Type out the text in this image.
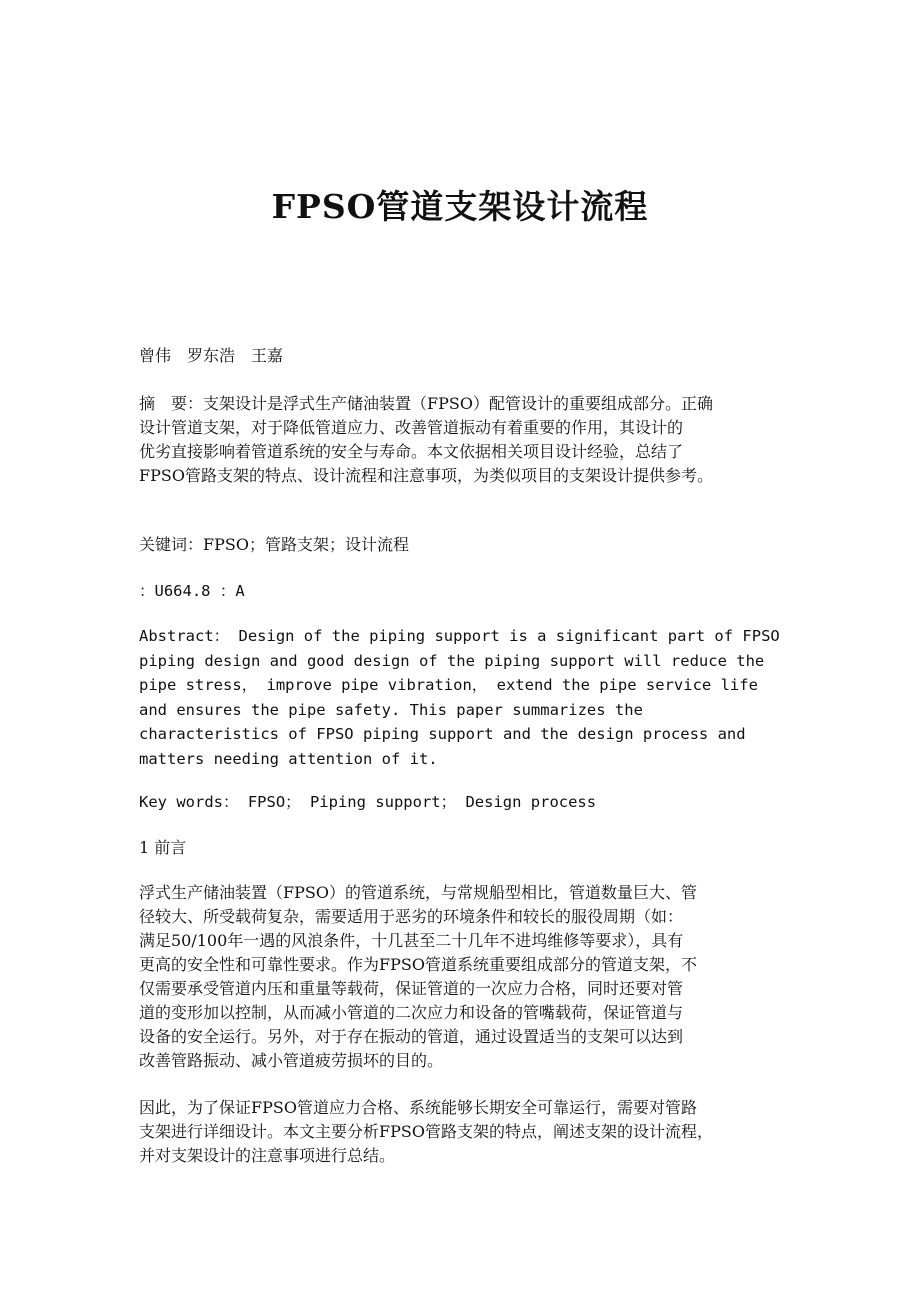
FPSO管道支架设计流程
曾伟　罗东浩　王嘉
摘　要：支架设计是浮式生产储油装置（FPSO）配管设计的重要组成部分。正确
设计管道支架，对于降低管道应力、改善管道振动有着重要的作用，其设计的
优劣直接影响着管道系统的安全与寿命。本文依据相关项目设计经验，总结了
FPSO管路支架的特点、设计流程和注意事项，为类似项目的支架设计提供参考。
关键词：FPSO；管路支架；设计流程
：U664.8 ：A
Abstract： Design of the piping support is a significant part of FPSO
piping design and good design of the piping support will reduce the
pipe stress， improve pipe vibration， extend the pipe service life
and ensures the pipe safety. This paper summarizes the
characteristics of FPSO piping support and the design process and
matters needing attention of it.
Key words： FPSO； Piping support； Design process
1 前言
浮式生产储油装置（FPSO）的管道系统，与常规船型相比，管道数量巨大、管
径较大、所受载荷复杂，需要适用于恶劣的环境条件和较长的服役周期（如：
满足50/100年一遇的风浪条件，十几甚至二十几年不进坞维修等要求），具有
更高的安全性和可靠性要求。作为FPSO管道系统重要组成部分的管道支架，不
仅需要承受管道内压和重量等载荷，保证管道的一次应力合格，同时还要对管
道的变形加以控制，从而减小管道的二次应力和设备的管嘴载荷，保证管道与
设备的安全运行。另外，对于存在振动的管道，通过设置适当的支架可以达到
改善管路振动、减小管道疲劳损坏的目的。
因此，为了保证FPSO管道应力合格、系统能够长期安全可靠运行，需要对管路
支架进行详细设计。本文主要分析FPSO管路支架的特点，阐述支架的设计流程，
并对支架设计的注意事项进行总结。
